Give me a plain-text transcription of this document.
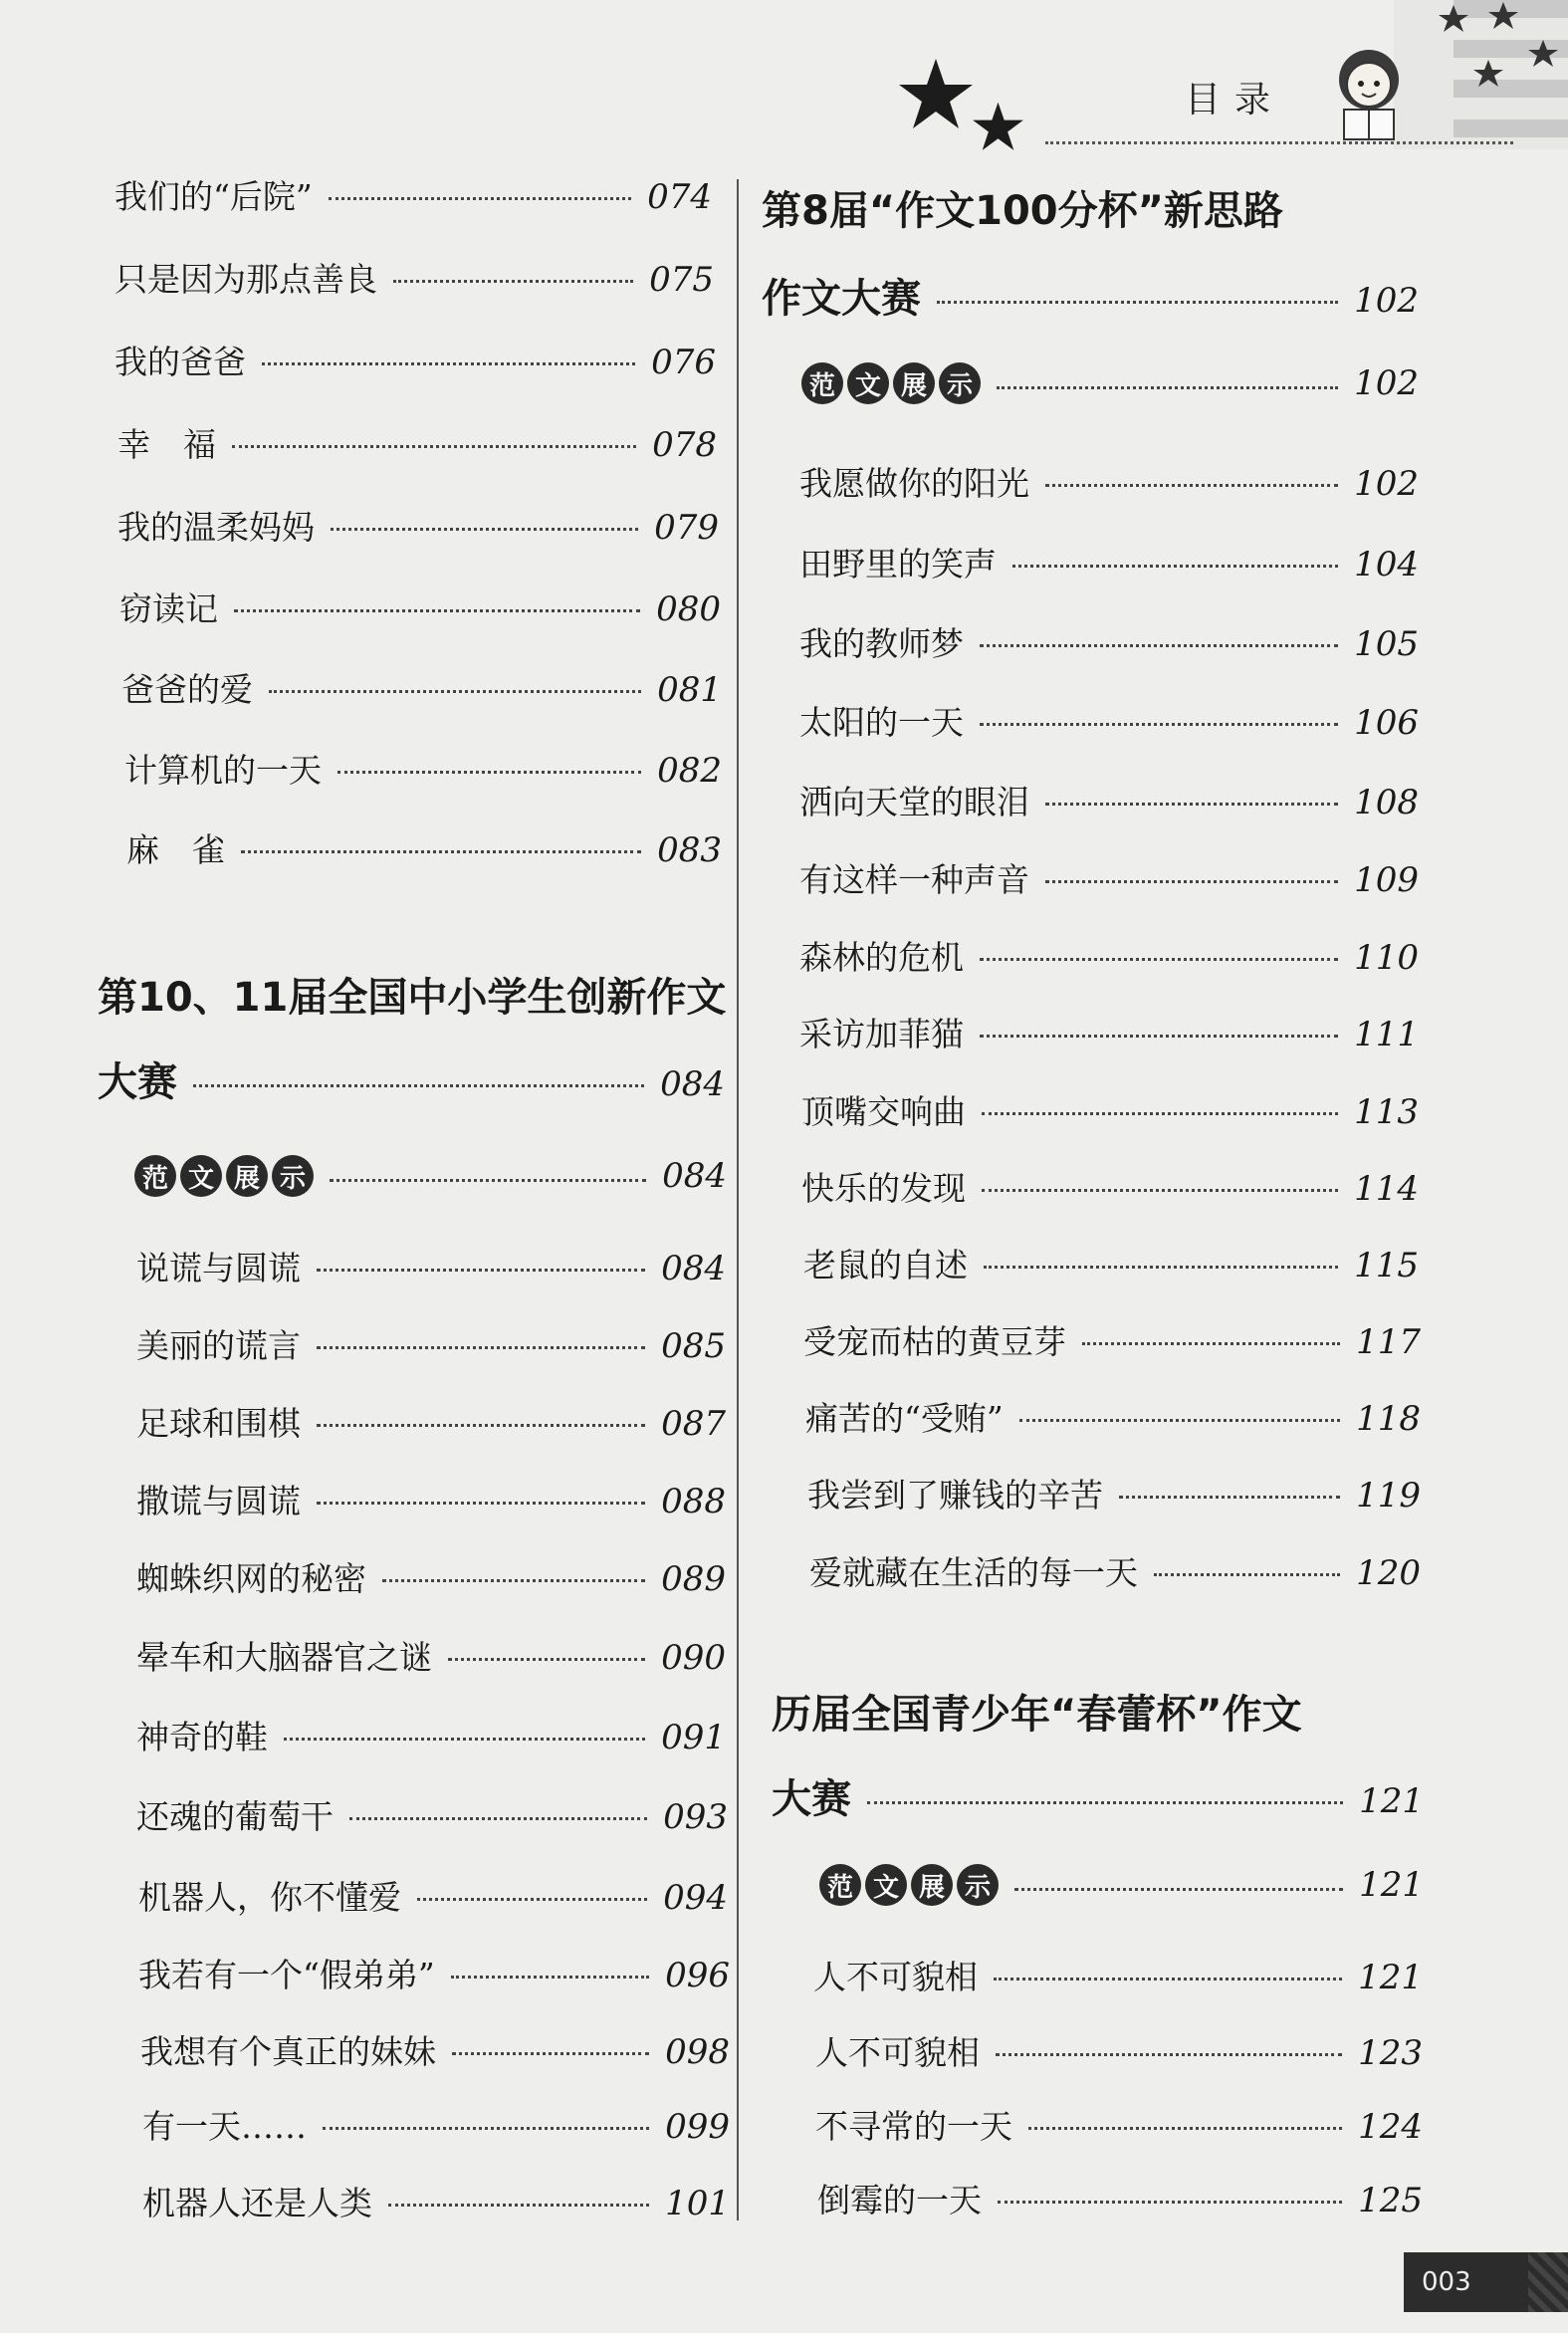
目录
我们的“后院”	074
只是因为那点善良	075
我的爸爸	076
幸　福	078
我的温柔妈妈	079
窃读记	080
爸爸的爱	081
计算机的一天	082
麻　雀	083
第10、11届全国中小学生创新作文
大赛	084
范 文 展 示	084
说谎与圆谎	084
美丽的谎言	085
足球和围棋	087
撒谎与圆谎	088
蜘蛛织网的秘密	089
晕车和大脑器官之谜	090
神奇的鞋	091
还魂的葡萄干	093
机器人，你不懂爱	094
我若有一个“假弟弟”	096
我想有个真正的妹妹	098
有一天……	099
机器人还是人类	101
第8届“作文100分杯”新思路
作文大赛	102
范 文 展 示	102
我愿做你的阳光	102
田野里的笑声	104
我的教师梦	105
太阳的一天	106
洒向天堂的眼泪	108
有这样一种声音	109
森林的危机	110
采访加菲猫	111
顶嘴交响曲	113
快乐的发现	114
老鼠的自述	115
受宠而枯的黄豆芽	117
痛苦的“受贿”	118
我尝到了赚钱的辛苦	119
爱就藏在生活的每一天	120
历届全国青少年“春蕾杯”作文
大赛	121
范 文 展 示	121
人不可貌相	121
人不可貌相	123
不寻常的一天	124
倒霉的一天	125
003
